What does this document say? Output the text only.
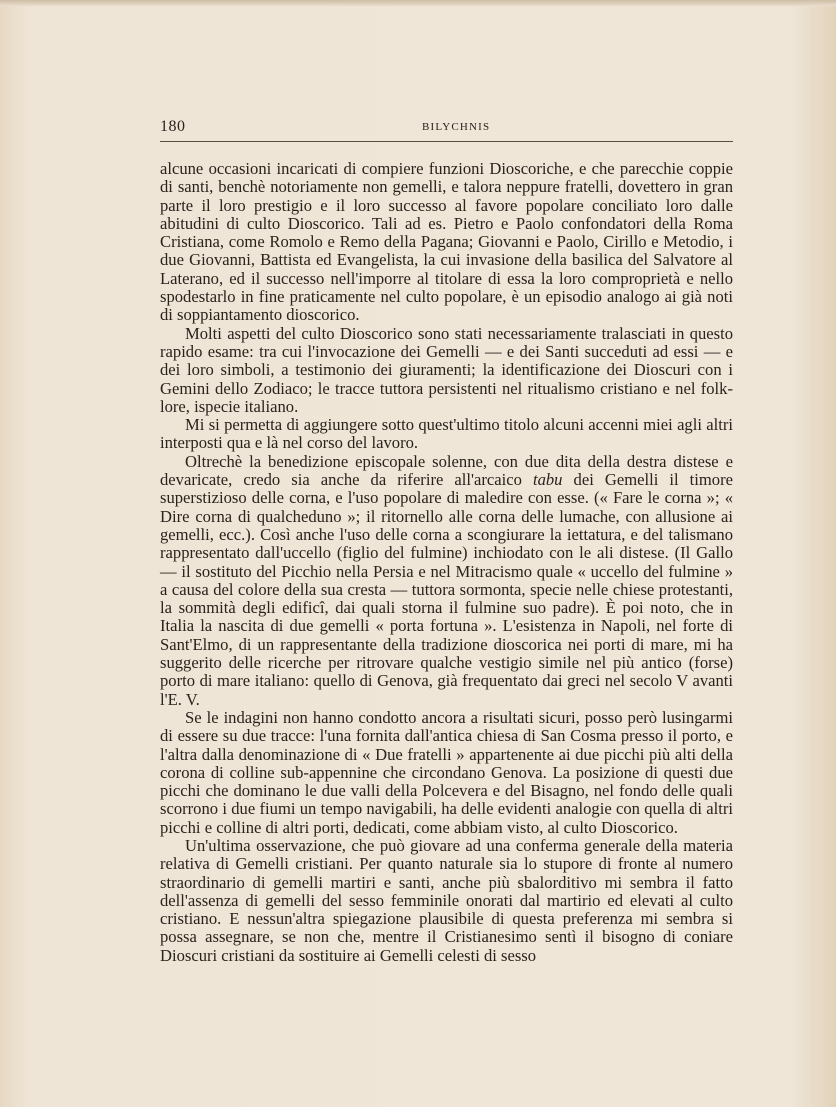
180	BILYCHNIS

alcune occasioni incaricati di compiere funzioni Dioscoriche, e che parecchie coppie di santi, benchè notoriamente non gemelli, e talora neppure fratelli, dovettero in gran parte il loro prestigio e il loro successo al favore popolare conciliato loro dalle abitudini di culto Dioscorico. Tali ad es. Pietro e Paolo confondatori della Roma Cristiana, come Romolo e Remo della Pagana; Giovanni e Paolo, Cirillo e Metodio, i due Giovanni, Battista ed Evangelista, la cui invasione della basilica del Salvatore al Laterano, ed il successo nell'imporre al titolare di essa la loro comproprietà e nello spodestarlo in fine praticamente nel culto popolare, è un episodio analogo ai già noti di soppiantamento dioscorico.

Molti aspetti del culto Dioscorico sono stati necessariamente tralasciati in questo rapido esame: tra cui l'invocazione dei Gemelli — e dei Santi succeduti ad essi — e dei loro simboli, a testimonio dei giuramenti; la identificazione dei Dioscuri con i Gemini dello Zodiaco; le tracce tuttora persistenti nel ritualismo cristiano e nel folk-lore, ispecie italiano.

Mi si permetta di aggiungere sotto quest'ultimo titolo alcuni accenni miei agli altri interposti qua e là nel corso del lavoro.

Oltrechè la benedizione episcopale solenne, con due dita della destra distese e devaricate, credo sia anche da riferire all'arcaico tabu dei Gemelli il timore superstizioso delle corna, e l'uso popolare di maledire con esse. (« Fare le corna »; « Dire corna di qualcheduno »; il ritornello alle corna delle lumache, con allusione ai gemelli, ecc.). Così anche l'uso delle corna a scongiurare la iettatura, e del talismano rappresentato dall'uccello (figlio del fulmine) inchiodato con le ali distese. (Il Gallo — il sostituto del Picchio nella Persia e nel Mitracismo quale « uccello del fulmine » a causa del colore della sua cresta — tuttora sormonta, specie nelle chiese protestanti, la sommità degli edificî, dai quali storna il fulmine suo padre). È poi noto, che in Italia la nascita di due gemelli « porta fortuna ». L'esistenza in Napoli, nel forte di Sant'Elmo, di un rappresentante della tradizione dioscorica nei porti di mare, mi ha suggerito delle ricerche per ritrovare qualche vestigio simile nel più antico (forse) porto di mare italiano: quello di Genova, già frequentato dai greci nel secolo V avanti l'E. V.

Se le indagini non hanno condotto ancora a risultati sicuri, posso però lusingarmi di essere su due tracce: l'una fornita dall'antica chiesa di San Cosma presso il porto, e l'altra dalla denominazione di « Due fratelli » appartenente ai due picchi più alti della corona di colline sub-appennine che circondano Genova. La posizione di questi due picchi che dominano le due valli della Polcevera e del Bisagno, nel fondo delle quali scorrono i due fiumi un tempo navigabili, ha delle evidenti analogie con quella di altri picchi e colline di altri porti, dedicati, come abbiam visto, al culto Dioscorico.

Un'ultima osservazione, che può giovare ad una conferma generale della materia relativa di Gemelli cristiani. Per quanto naturale sia lo stupore di fronte al numero straordinario di gemelli martiri e santi, anche più sbalorditivo mi sembra il fatto dell'assenza di gemelli del sesso femminile onorati dal martirio ed elevati al culto cristiano. E nessun'altra spiegazione plausibile di questa preferenza mi sembra si possa assegnare, se non che, mentre il Cristianesimo sentì il bisogno di coniare Dioscuri cristiani da sostituire ai Gemelli celesti di sesso
